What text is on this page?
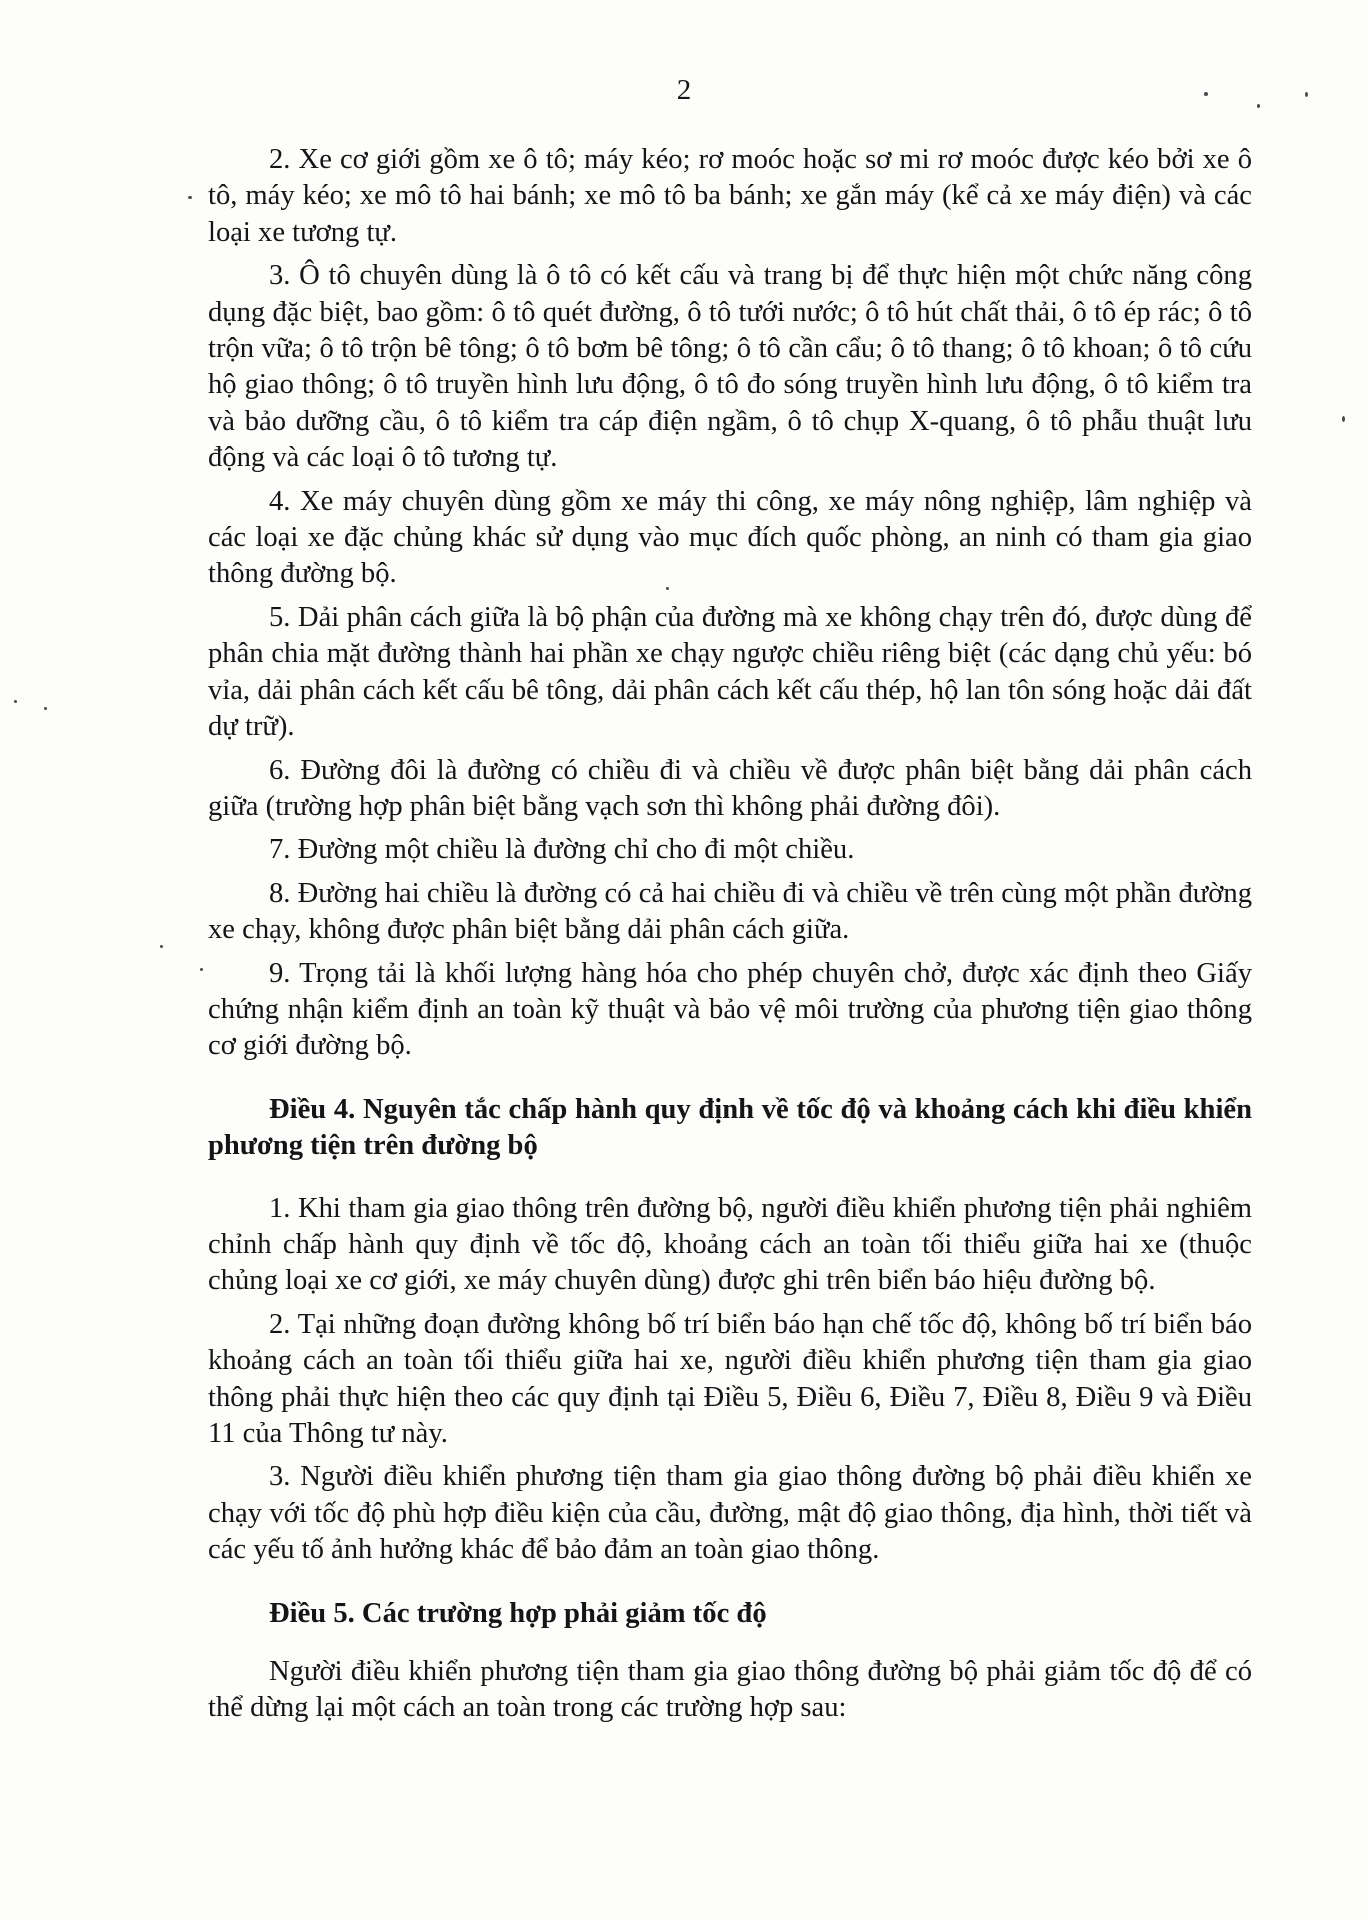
2

2. Xe cơ giới gồm xe ô tô; máy kéo; rơ moóc hoặc sơ mi rơ moóc được kéo bởi xe ô tô, máy kéo; xe mô tô hai bánh; xe mô tô ba bánh; xe gắn máy (kể cả xe máy điện) và các loại xe tương tự.

3. Ô tô chuyên dùng là ô tô có kết cấu và trang bị để thực hiện một chức năng công dụng đặc biệt, bao gồm: ô tô quét đường, ô tô tưới nước; ô tô hút chất thải, ô tô ép rác; ô tô trộn vữa; ô tô trộn bê tông; ô tô bơm bê tông; ô tô cần cẩu; ô tô thang; ô tô khoan; ô tô cứu hộ giao thông; ô tô truyền hình lưu động, ô tô đo sóng truyền hình lưu động, ô tô kiểm tra và bảo dưỡng cầu, ô tô kiểm tra cáp điện ngầm, ô tô chụp X-quang, ô tô phẫu thuật lưu động và các loại ô tô tương tự.

4. Xe máy chuyên dùng gồm xe máy thi công, xe máy nông nghiệp, lâm nghiệp và các loại xe đặc chủng khác sử dụng vào mục đích quốc phòng, an ninh có tham gia giao thông đường bộ.

5. Dải phân cách giữa là bộ phận của đường mà xe không chạy trên đó, được dùng để phân chia mặt đường thành hai phần xe chạy ngược chiều riêng biệt (các dạng chủ yếu: bó vỉa, dải phân cách kết cấu bê tông, dải phân cách kết cấu thép, hộ lan tôn sóng hoặc dải đất dự trữ).

6. Đường đôi là đường có chiều đi và chiều về được phân biệt bằng dải phân cách giữa (trường hợp phân biệt bằng vạch sơn thì không phải đường đôi).

7. Đường một chiều là đường chỉ cho đi một chiều.

8. Đường hai chiều là đường có cả hai chiều đi và chiều về trên cùng một phần đường xe chạy, không được phân biệt bằng dải phân cách giữa.

9. Trọng tải là khối lượng hàng hóa cho phép chuyên chở, được xác định theo Giấy chứng nhận kiểm định an toàn kỹ thuật và bảo vệ môi trường của phương tiện giao thông cơ giới đường bộ.

Điều 4. Nguyên tắc chấp hành quy định về tốc độ và khoảng cách khi điều khiển phương tiện trên đường bộ

1. Khi tham gia giao thông trên đường bộ, người điều khiển phương tiện phải nghiêm chỉnh chấp hành quy định về tốc độ, khoảng cách an toàn tối thiểu giữa hai xe (thuộc chủng loại xe cơ giới, xe máy chuyên dùng) được ghi trên biển báo hiệu đường bộ.

2. Tại những đoạn đường không bố trí biển báo hạn chế tốc độ, không bố trí biển báo khoảng cách an toàn tối thiểu giữa hai xe, người điều khiển phương tiện tham gia giao thông phải thực hiện theo các quy định tại Điều 5, Điều 6, Điều 7, Điều 8, Điều 9 và Điều 11 của Thông tư này.

3. Người điều khiển phương tiện tham gia giao thông đường bộ phải điều khiển xe chạy với tốc độ phù hợp điều kiện của cầu, đường, mật độ giao thông, địa hình, thời tiết và các yếu tố ảnh hưởng khác để bảo đảm an toàn giao thông.

Điều 5. Các trường hợp phải giảm tốc độ

Người điều khiển phương tiện tham gia giao thông đường bộ phải giảm tốc độ để có thể dừng lại một cách an toàn trong các trường hợp sau:
